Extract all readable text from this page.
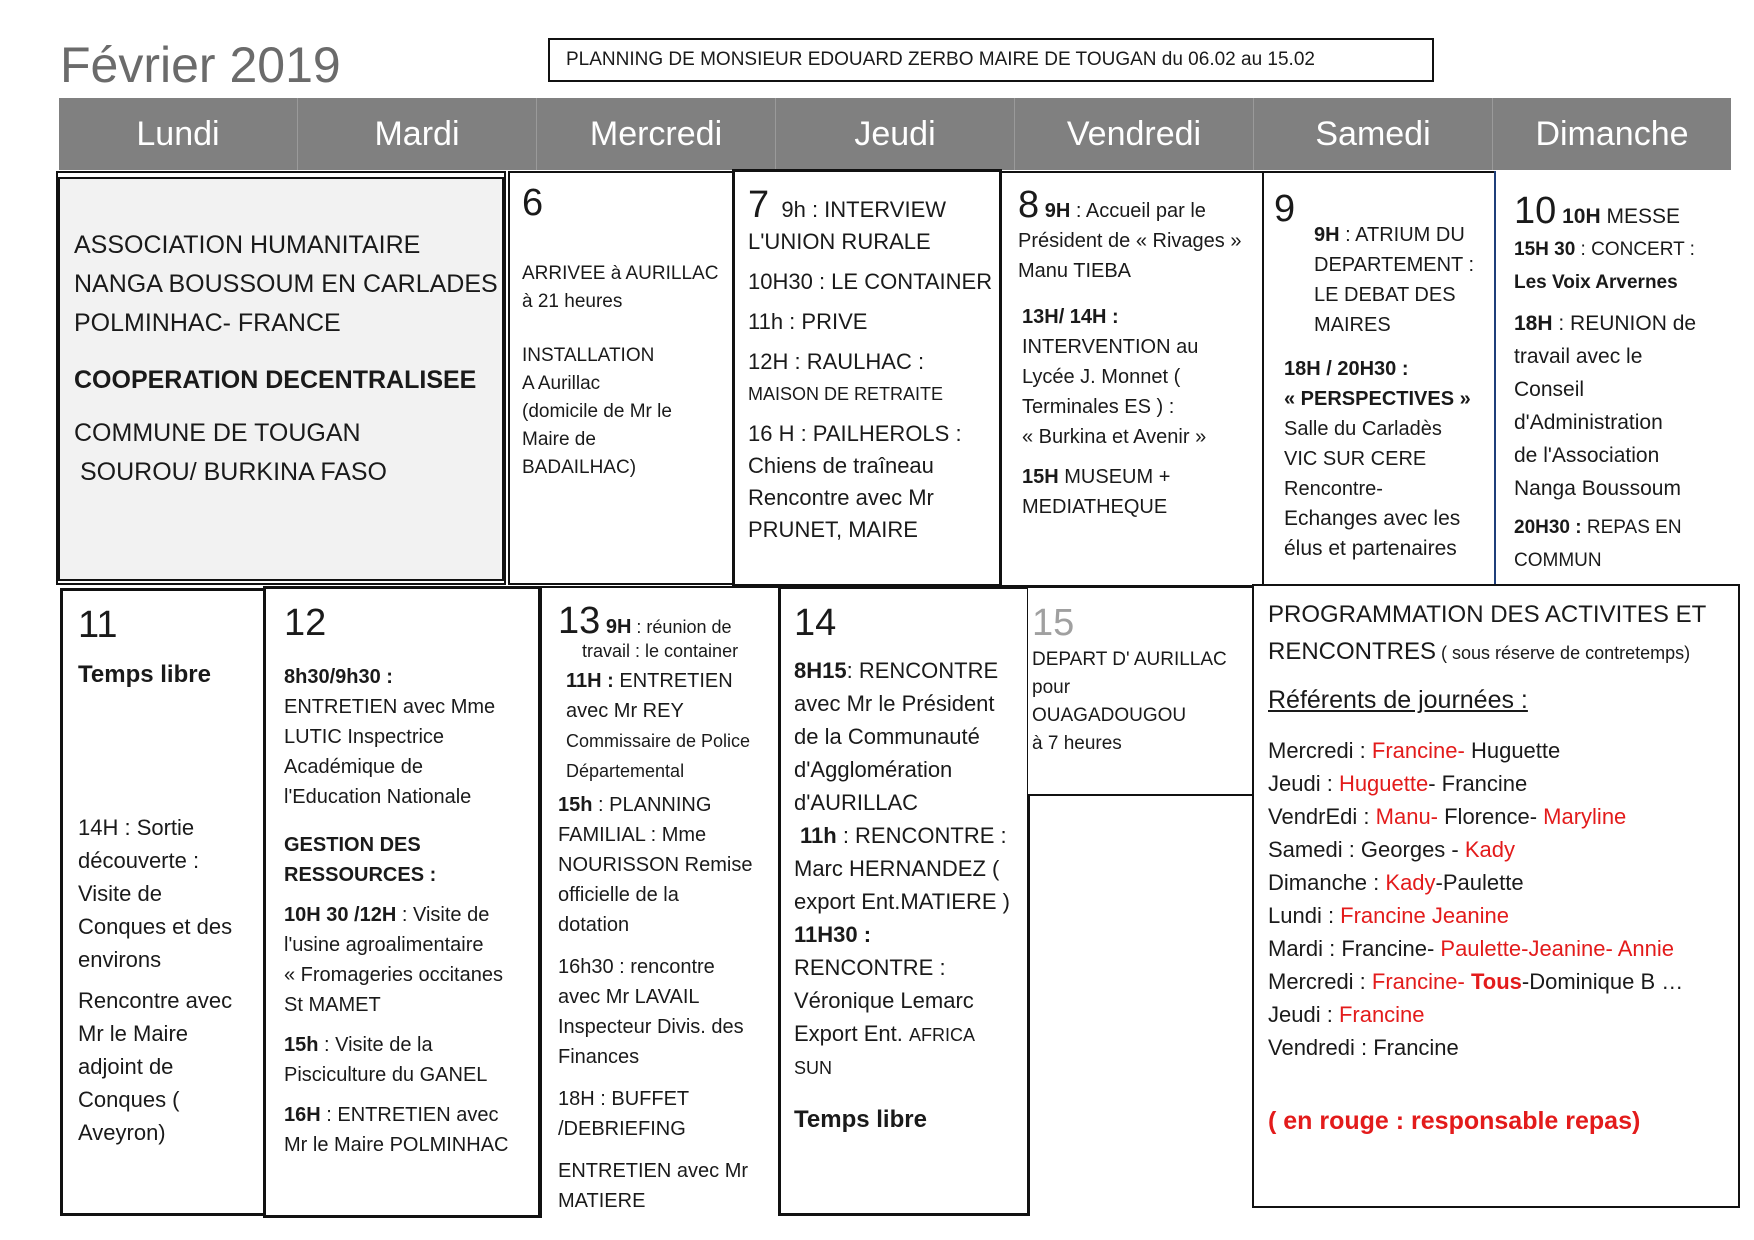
Février 2019	PLANNING DE MONSIEUR EDOUARD ZERBO MAIRE DE TOUGAN du 06.02 au 15.02
Lundi	Mardi	Mercredi	Jeudi	Vendredi	Samedi	Dimanche

ASSOCIATION HUMANITAIRE

NANGA BOUSSOUM EN CARLADES

POLMINHAC- FRANCE

COOPERATION DECENTRALISEE

COMMUNE DE TOUGAN

SOUROU/ BURKINA FASO

6

ARRIVEE à AURILLAC

à 21 heures

INSTALLATION

A Aurillac

(domicile de Mr le

Maire de

BADAILHAC)

7 9h : INTERVIEW

L'UNION RURALE

10H30 : LE CONTAINER

11h : PRIVE

12H : RAULHAC :

MAISON DE RETRAITE

16 H : PAILHEROLS :

Chiens de traîneau

Rencontre avec Mr

PRUNET, MAIRE

8 9H : Accueil par le

Président de « Rivages »

Manu TIEBA

13H/ 14H :

INTERVENTION au

Lycée J. Monnet (

Terminales ES ) :

« Burkina et Avenir »

15H MUSEUM +

MEDIATHEQUE

9

9H : ATRIUM DU

DEPARTEMENT :

LE DEBAT DES

MAIRES

18H / 20H30 :

« PERSPECTIVES »

Salle du Carladès

VIC SUR CERE

Rencontre-

Echanges avec les

élus et partenaires

10 10H MESSE

15H 30 : CONCERT :

Les Voix Arvernes

18H : REUNION de

travail avec le

Conseil

d'Administration

de l'Association

Nanga Boussoum

20H30 : REPAS EN

COMMUN

11

Temps libre

14H : Sortie

découverte :

Visite de

Conques et des

environs

Rencontre avec

Mr le Maire

adjoint de

Conques (

Aveyron)

12

8h30/9h30 :

ENTRETIEN avec Mme

LUTIC Inspectrice

Académique de

l'Education Nationale

GESTION DES

RESSOURCES :

10H 30 /12H : Visite de

l'usine agroalimentaire

« Fromageries occitanes

St MAMET

15h : Visite de la

Pisciculture du GANEL

16H : ENTRETIEN avec

Mr le Maire POLMINHAC

13 9H : réunion de

travail : le container

11H : ENTRETIEN

avec Mr REY

Commissaire de Police

Départemental

15h : PLANNING

FAMILIAL : Mme

NOURISSON Remise

officielle de la

dotation

16h30 : rencontre

avec Mr LAVAIL

Inspecteur Divis. des

Finances

18H : BUFFET

/DEBRIEFING

ENTRETIEN avec Mr

MATIERE

14

8H15: RENCONTRE

avec Mr le Président

de la Communauté

d'Agglomération

d'AURILLAC

11h : RENCONTRE :

Marc HERNANDEZ (

export Ent.MATIERE )

11H30 :

RENCONTRE :

Véronique Lemarc

Export Ent. AFRICA

SUN

Temps libre

15

DEPART D' AURILLAC

pour

OUAGADOUGOU

à 7 heures

PROGRAMMATION DES ACTIVITES ET

RENCONTRES ( sous réserve de contretemps)

Référents de journées :

Mercredi : Francine- Huguette

Jeudi : Huguette- Francine

VendrEdi : Manu- Florence- Maryline

Samedi : Georges - Kady

Dimanche : Kady-Paulette

Lundi : Francine Jeanine

Mardi : Francine- Paulette-Jeanine- Annie

Mercredi : Francine- Tous-Dominique B …

Jeudi : Francine

Vendredi : Francine

( en rouge : responsable repas)
